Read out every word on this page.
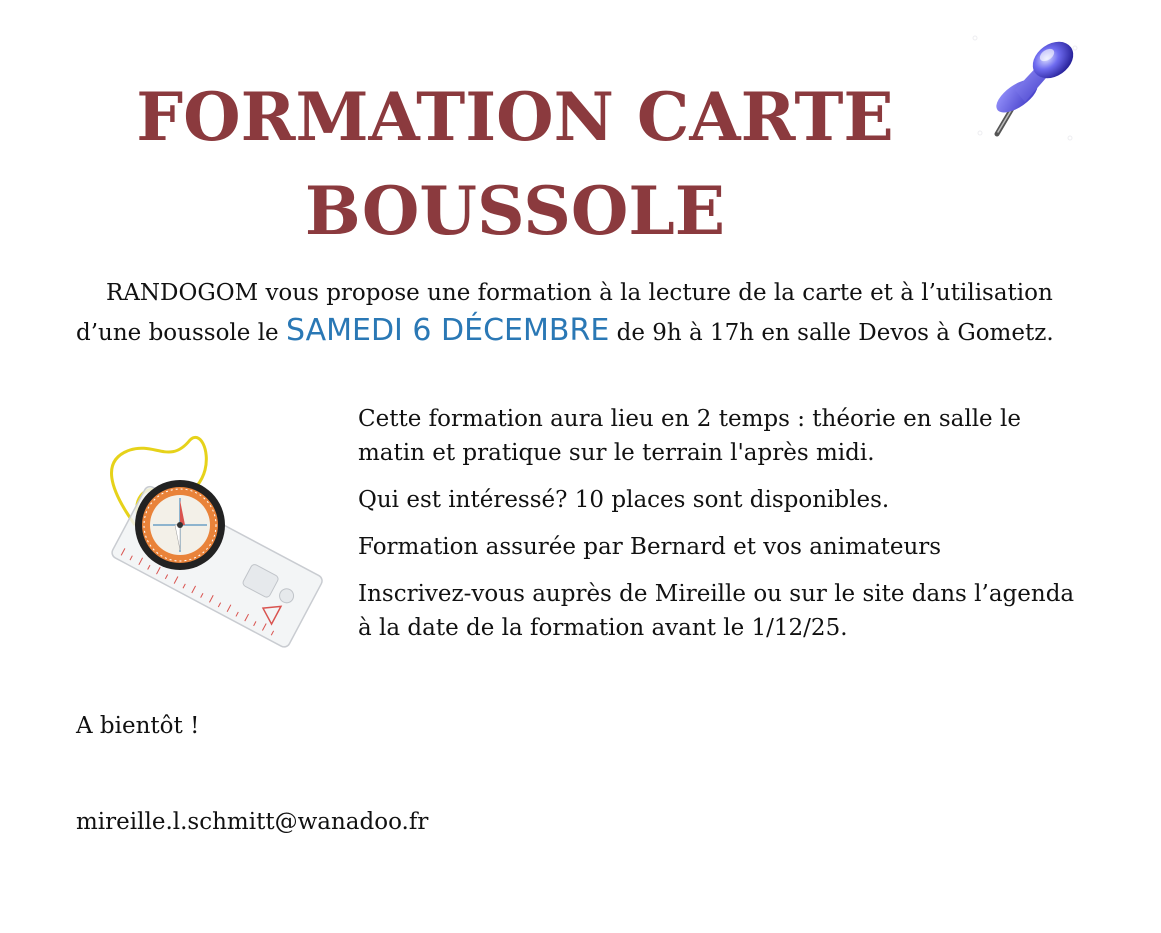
FORMATION CARTE
BOUSSOLE

RANDOGOM vous propose une formation à la lecture de la carte et à l’utilisation d’une boussole le SAMEDI 6 DÉCEMBRE de 9h à 17h en salle Devos à Gometz.

Cette formation aura lieu en 2 temps : théorie en salle le matin et pratique sur le terrain l'après midi.

Qui est intéressé? 10 places sont disponibles.

Formation assurée par Bernard et vos animateurs

Inscrivez-vous auprès de Mireille ou sur le site dans l’agenda à la date de la formation avant le 1/12/25.

A bientôt !

mireille.l.schmitt@wanadoo.fr
